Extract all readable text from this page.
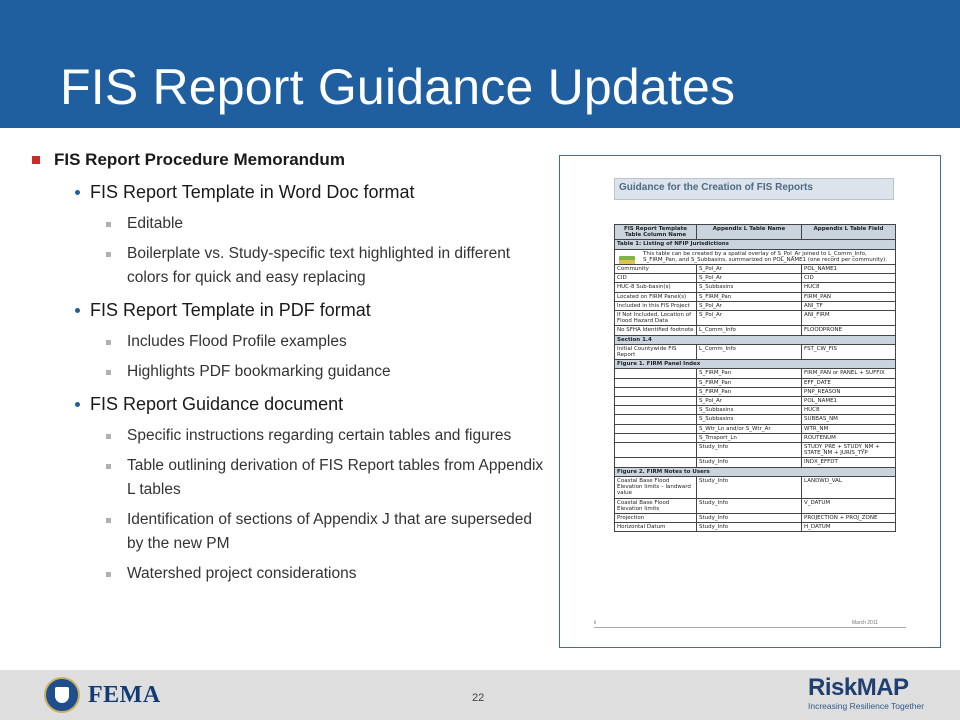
FIS Report Guidance Updates
FIS Report Procedure Memorandum
FIS Report Template in Word Doc format
Editable
Boilerplate vs. Study-specific text highlighted in different colors for quick and easy replacing
FIS Report Template in PDF format
Includes Flood Profile examples
Highlights PDF bookmarking guidance
FIS Report Guidance document
Specific instructions regarding certain tables and figures
Table outlining derivation of FIS Report tables from Appendix L tables
Identification of sections of Appendix J that are superseded by the new PM
Watershed project considerations
Guidance for the Creation of FIS Reports
FIS Report Template Table Column Name	Appendix L Table Name	Appendix L Table Field
Table 1: Listing of NFIP Jurisdictions		

This table can be created by a spatial overlay of S_Pol_Ar joined to L_Comm_Info, S_FIRM_Pan, and S_Subbasins, summarized on POL_NAME1 (one record per community).		
Community	S_Pol_Ar	POL_NAME1
CID	S_Pol_Ar	CID
HUC-8 Sub-basin(s)	S_Subbasins	HUC8
Located on FIRM Panel(s)	S_FIRM_Pan	FIRM_PAN
Included in this FIS Project	S_Pol_Ar	ANI_TF
If Not Included, Location of Flood Hazard Data	S_Pol_Ar	ANI_FIRM
No SFHA Identified footnote	L_Comm_Info	FLOODPRONE
Section 1.4		
Initial Countywide FIS Report	L_Comm_Info	FST_CW_FIS
Figure 1. FIRM Panel Index		
	S_FIRM_Pan	FIRM_PAN or PANEL + SUFFIX
	S_FIRM_Pan	EFF_DATE
	S_FIRM_Pan	PNP_REASON
	S_Pol_Ar	POL_NAME1
	S_Subbasins	HUC8
	S_Subbasins	SUBBAS_NM
	S_Wtr_Ln and/or S_Wtr_Ar	WTR_NM
	S_Trnsport_Ln	ROUTENUM
	Study_Info	STUDY_PRE + STUDY_NM + STATE_NM + JURIS_TYP
	Study_Info	INDX_EFFDT
Figure 2. FIRM Notes to Users		
Coastal Base Flood Elevation limits – landward value	Study_Info	LANDWD_VAL
Coastal Base Flood Elevation limits	Study_Info	V_DATUM
Projection	Study_Info	PROJECTION + PROJ_ZONE
Horizontal Datum	Study_Info	H_DATUM
ii	March 2011
FEMA	22	RiskMAP
Increasing Resilience Together
